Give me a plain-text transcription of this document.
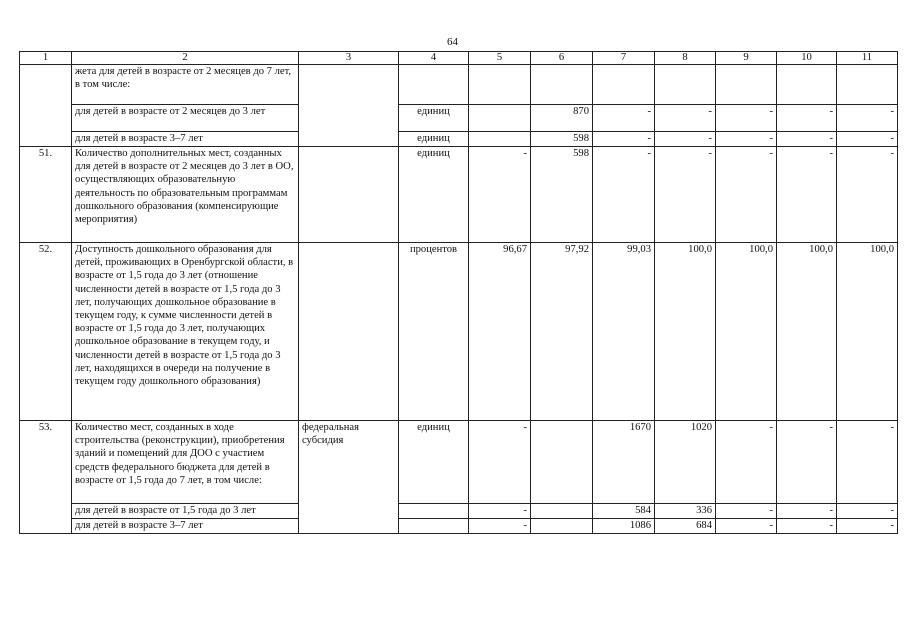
64
1	2	3	4	5	6	7	8	9	10	11
	жета для детей в возрасте от 2 месяцев до 7 лет, в том числе:									
	для детей в возрасте от 2 месяцев до 3 лет		единиц		870	-	-	-	-	-
	для детей в возрасте 3–7 лет		единиц		598	-	-	-	-	-
51.	Количество дополнительных мест, созданных для детей в возрасте от 2 месяцев до 3 лет в ОО, осуществляющих образовательную деятельность по образовательным программам дошкольного образования (компенсирующие мероприятия)		единиц	-	598	-	-	-	-	-
52.	Доступность дошкольного образования для детей, проживающих в Оренбургской области, в возрасте от 1,5 года до 3 лет (отношение численности детей в возрасте от 1,5 года до 3 лет, получающих дошкольное образование в текущем году, к сумме численности детей в возрасте от 1,5 года до 3 лет, получающих дошкольное образование в текущем году, и численности детей в возрасте от 1,5 года до 3 лет, находящихся в очереди на получение в текущем году дошкольного образования)		процентов	96,67	97,92	99,03	100,0	100,0	100,0	100,0
53.	Количество мест, созданных в ходе строительства (реконструкции), приобретения зданий и помещений для ДОО с участием средств федерального бюджета для детей в возрасте от 1,5 года до 7 лет, в том числе:	федеральная субсидия	единиц	-		1670	1020	-	-	-
	для детей в возрасте от 1,5 года до 3 лет			-		584	336	-	-	-
	для детей в возрасте 3–7 лет			-		1086	684	-	-	-
